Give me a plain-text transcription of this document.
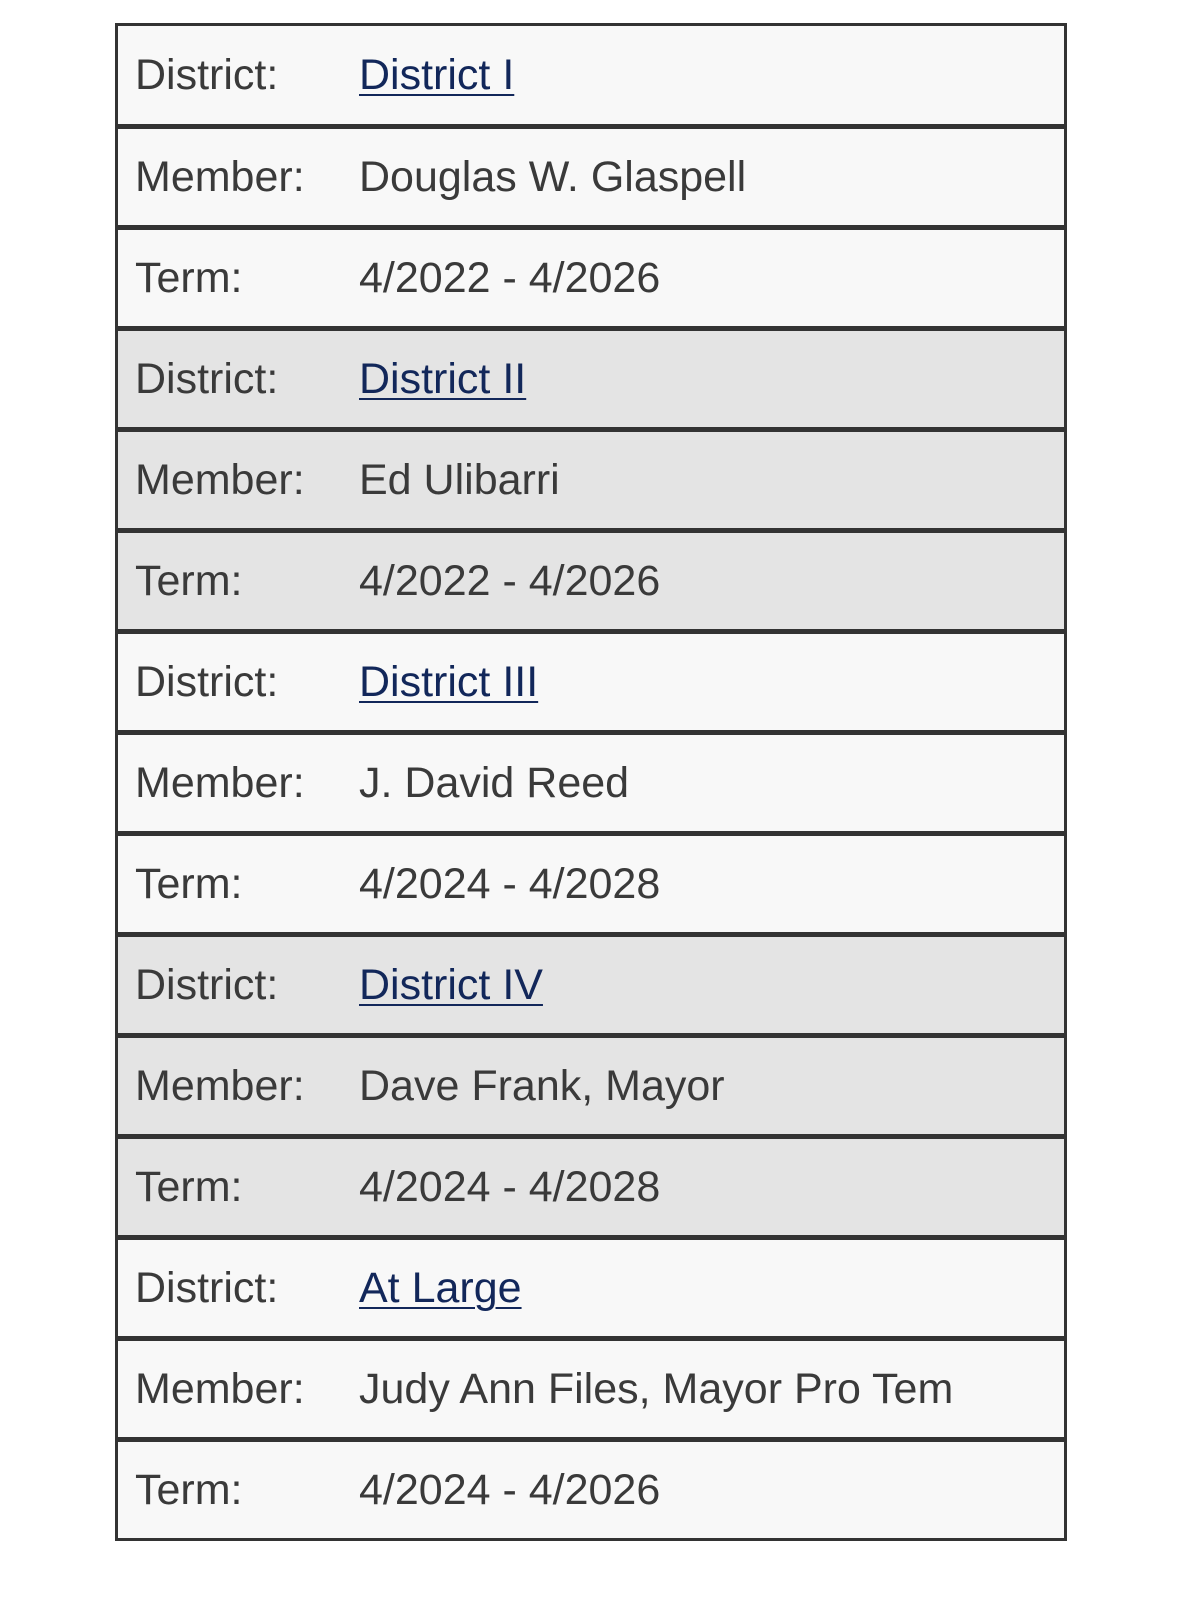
District:	District I
Member:	Douglas W. Glaspell
Term:	4/2022 - 4/2026
District:	District II
Member:	Ed Ulibarri
Term:	4/2022 - 4/2026
District:	District III
Member:	J. David Reed
Term:	4/2024 - 4/2028
District:	District IV
Member:	Dave Frank, Mayor
Term:	4/2024 - 4/2028
District:	At Large
Member:	Judy Ann Files, Mayor Pro Tem
Term:	4/2024 - 4/2026
